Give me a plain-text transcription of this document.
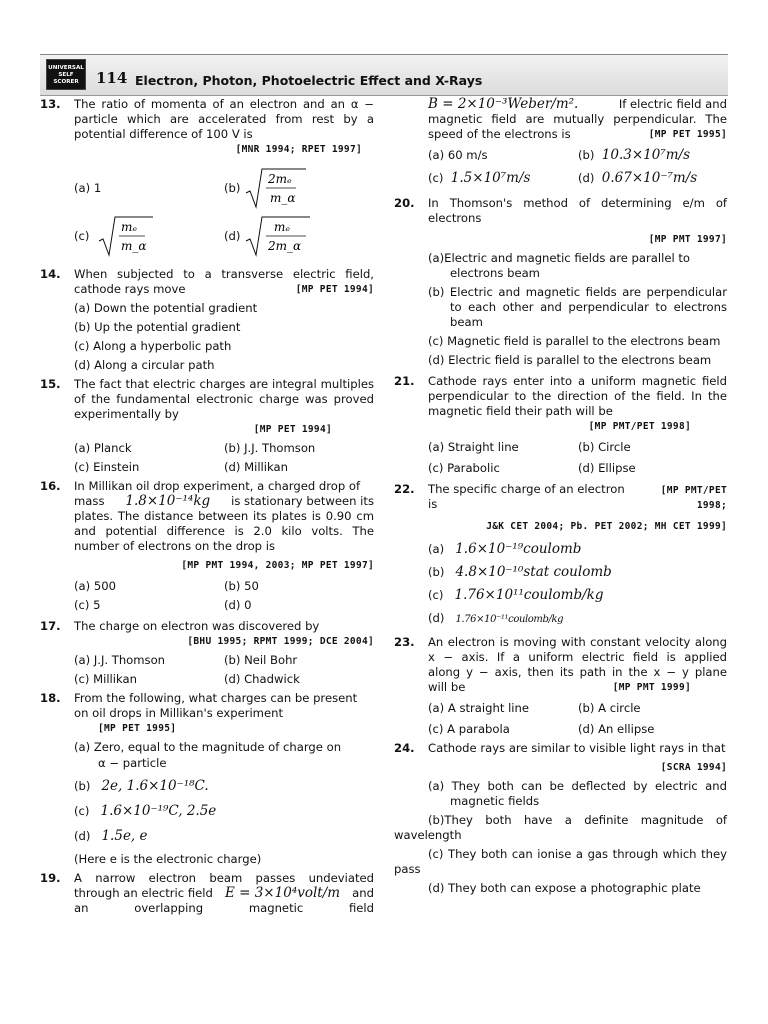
UNIVERSAL SELF SCORER	114 Electron, Photon, Photoelectric Effect and X-Rays
13. The ratio of momenta of an electron and an α − particle which are accelerated from rest by a potential difference of 100 V is
[MNR 1994; RPET 1997]
(a) 1	(b)
2mₑ
m_α
(c)
mₑ
m_α
(d)
mₑ
2m_α
14. When subjected to a transverse electric field, cathode rays move	[MP PET 1994]
(a) Down the potential gradient
(b) Up the potential gradient
(c) Along a hyperbolic path
(d) Along a circular path
15. The fact that electric charges are integral multiples of the fundamental electronic charge was proved experimentally by
[MP PET 1994]
(a) Planck	(b) J.J. Thomson
(c) Einstein	(d) Millikan
16. In Millikan oil drop experiment, a charged drop of
mass 1.8×10⁻¹⁴kg is stationary between its
plates. The distance between its plates is 0.90 cm and potential difference is 2.0 kilo volts. The number of electrons on the drop is
[MP PMT 1994, 2003; MP PET 1997]
(a) 500	(b) 50
(c) 5	(d) 0
17. The charge on electron was discovered by
[BHU 1995; RPMT 1999; DCE 2004]
(a) J.J. Thomson	(b) Neil Bohr
(c) Millikan	(d) Chadwick
18. From the following, what charges can be present on oil drops in Millikan's experiment
[MP PET 1995]
(a) Zero, equal to the magnitude of charge on
α − particle
(b) 2e, 1.6×10⁻¹⁸C.
(c) 1.6×10⁻¹⁹C, 2.5e
(d) 1.5e, e
(Here e is the electronic charge)
19. A narrow electron beam passes undeviated
through an electric field E = 3×10⁴volt/m and
an overlapping magnetic field
B = 2×10⁻³Weber/m².	If electric field and
magnetic field are mutually perpendicular. The speed of the electrons is	[MP PET 1995]
(a) 60 m/s	(b) 10.3×10⁷m/s
(c) 1.5×10⁷m/s	(d) 0.67×10⁻⁷m/s
20. In Thomson's method of determining e/m of electrons
[MP PMT 1997]
(a)Electric and magnetic fields are parallel to electrons beam
(b) Electric and magnetic fields are perpendicular to each other and perpendicular to electrons beam
(c) Magnetic field is parallel to the electrons beam
(d) Electric field is parallel to the electrons beam
21. Cathode rays enter into a uniform magnetic field perpendicular to the direction of the field. In the magnetic field their path will be
[MP PMT/PET 1998]
(a) Straight line	(b) Circle
(c) Parabolic	(d) Ellipse
22. The specific charge of an electron is
[MP PMT/PET 1998;
J&K CET 2004; Pb. PET 2002; MH CET 1999]
(a) 1.6×10⁻¹⁹coulomb
(b) 4.8×10⁻¹⁰stat coulomb
(c) 1.76×10¹¹coulomb/kg
(d) 1.76×10⁻¹¹coulomb/kg
23. An electron is moving with constant velocity along
x − axis. If a uniform electric field is applied
along y − axis, then its path in the x − y plane
will be	[MP PMT 1999]
(a) A straight line	(b) A circle
(c) A parabola	(d) An ellipse
24. Cathode rays are similar to visible light rays in that
[SCRA 1994]
(a) They both can be deflected by electric and magnetic fields
(b)They both have a definite magnitude of wavelength
(c) They both can ionise a gas through which they pass
(d) They both can expose a photographic plate
